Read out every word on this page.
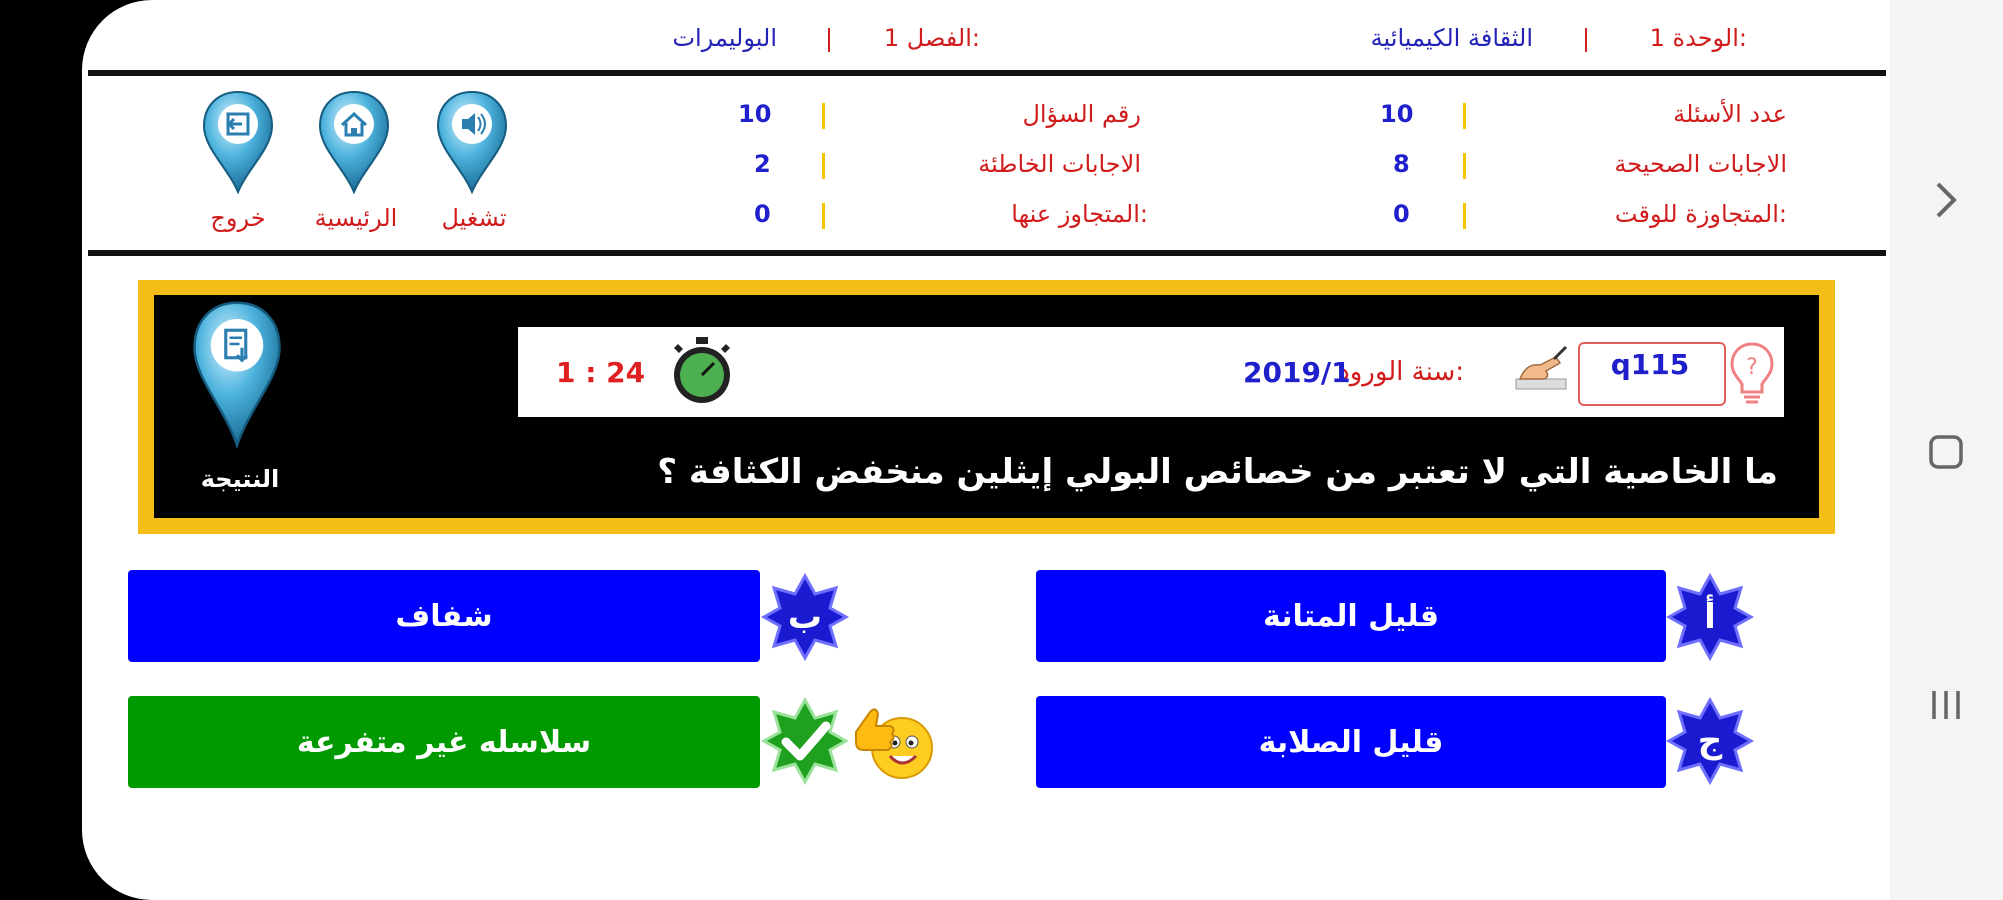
الوحدة 1:
الثقافة الكيميائية
الفصل 1:
البوليمرات
عدد الأسئلة
10
الاجابات الصحيحة
8
المتجاوزة للوقت:
0
رقم السؤال
10
الاجابات الخاطئة
2
المتجاوز عنها:
0
تشغيل
الرئيسية
خروج
النتيجة
?
q115
سنة الورود:
2019/1
1 : 24
ما الخاصية التي لا تعتبر من خصائص البولي إيثلين منخفض الكثافة ؟
قليل المتانة	أ
شفاف	ب
قليل الصلابة	ج
سلاسله غير متفرعة
